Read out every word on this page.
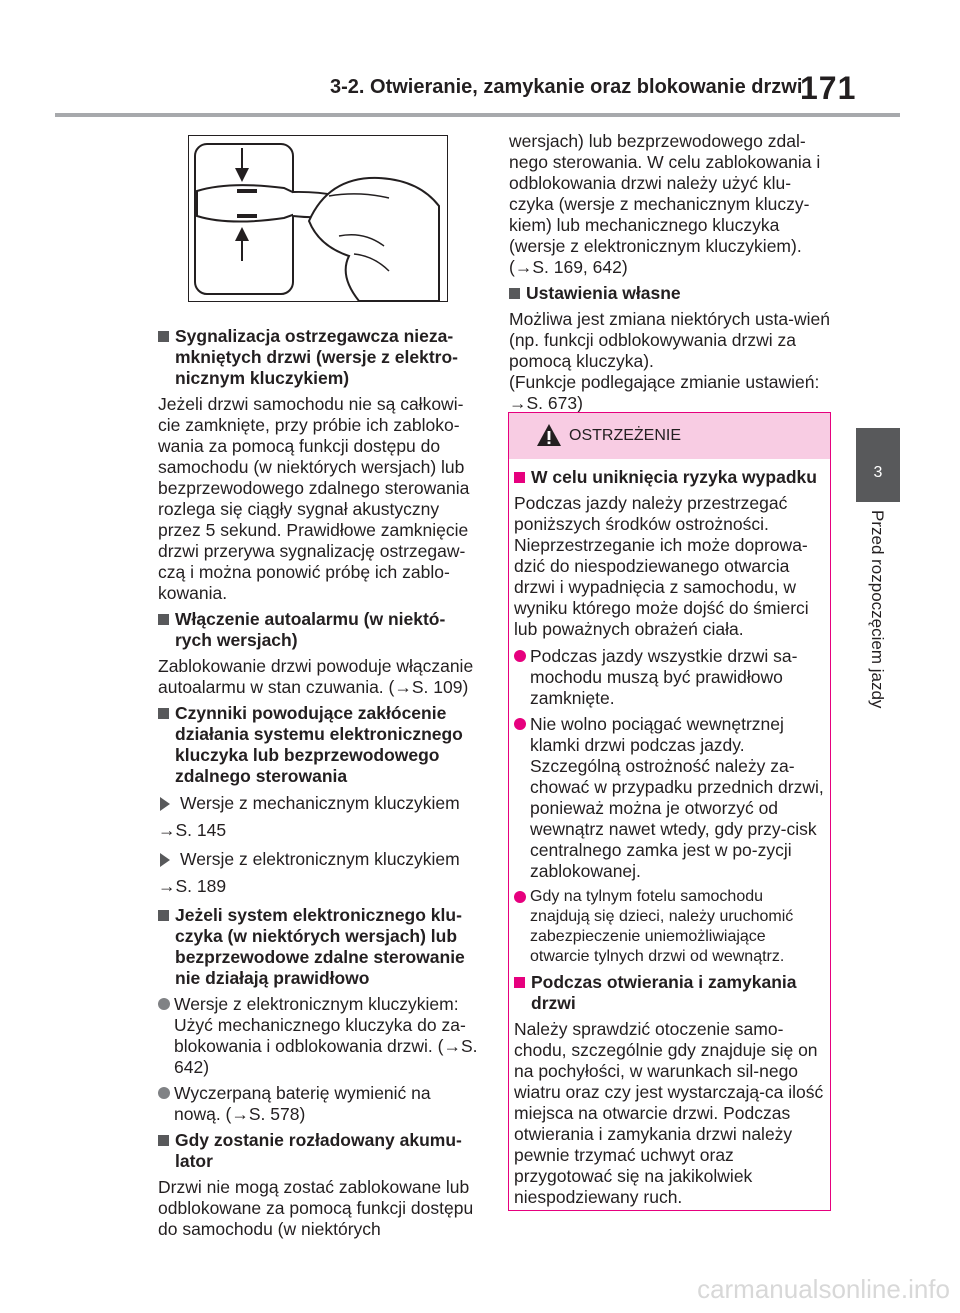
3-2. Otwieranie, zamykanie oraz blokowanie drzwi
171
3
Przed rozpoczęciem jazdy
Sygnalizacja ostrzegawcza nieza-mkniętych drzwi (wersje z elektro-nicznym kluczykiem)

Jeżeli drzwi samochodu nie są całkowi-cie zamknięte, przy próbie ich zabloko-wania za pomocą funkcji dostępu do samochodu (w niektórych wersjach) lub bezprzewodowego zdalnego sterowania rozlega się ciągły sygnał akustyczny przez 5 sekund. Prawidłowe zamknięcie drzwi przerywa sygnalizację ostrzegaw-czą i można ponowić próbę ich zablo-kowania.

Włączenie autoalarmu (w niektó-rych wersjach)

Zablokowanie drzwi powoduje włączanie autoalarmu w stan czuwania. (→S. 109)

Czynniki powodujące zakłócenie działania systemu elektronicznego kluczyka lub bezprzewodowego zdalnego sterowania
Wersje z mechanicznym kluczykiem
→S. 145
Wersje z elektronicznym kluczykiem
→S. 189
Jeżeli system elektronicznego klu-czyka (w niektórych wersjach) lub bezprzewodowe zdalne sterowanie nie działają prawidłowo
Wersje z elektronicznym kluczykiem: Użyć mechanicznego kluczyka do za-blokowania i odblokowania drzwi. (→S. 642)
Wyczerpaną baterię wymienić na nową. (→S. 578)
Gdy zostanie rozładowany akumu-lator

Drzwi nie mogą zostać zablokowane lub odblokowane za pomocą funkcji dostępu do samochodu (w niektórych

wersjach) lub bezprzewodowego zdal-nego sterowania. W celu zablokowania i odblokowania drzwi należy użyć klu-czyka (wersje z mechanicznym kluczy-kiem) lub mechanicznego kluczyka (wersje z elektronicznym kluczykiem). (→S. 169, 642)

Ustawienia własne

Możliwa jest zmiana niektórych usta-wień (np. funkcji odblokowywania drzwi za pomocą kluczyka).

(Funkcje podlegające zmianie ustawień: →S. 673)

OSTRZEŻENIE
W celu uniknięcia ryzyka wypadku

Podczas jazdy należy przestrzegać poniższych środków ostrożności. Nieprzestrzeganie ich może doprowa-dzić do niespodziewanego otwarcia drzwi i wypadnięcia z samochodu, w wyniku którego może dojść do śmierci lub poważnych obrażeń ciała.

Podczas jazdy wszystkie drzwi sa-mochodu muszą być prawidłowo zamknięte.
Nie wolno pociągać wewnętrznej klamki drzwi podczas jazdy. Szczególną ostrożność należy za-chować w przypadku przednich drzwi, ponieważ można je otworzyć od wewnątrz nawet wtedy, gdy przy-cisk centralnego zamka jest w po-zycji zablokowanej.
Gdy na tylnym fotelu samochodu znajdują się dzieci, należy uruchomić zabezpieczenie uniemożliwiające otwarcie tylnych drzwi od wewnątrz.
Podczas otwierania i zamykania drzwi

Należy sprawdzić otoczenie samo-chodu, szczególnie gdy znajduje się on na pochyłości, w warunkach sil-nego wiatru oraz czy jest wystarczają-ca ilość miejsca na otwarcie drzwi. Podczas otwierania i zamykania drzwi należy pewnie trzymać uchwyt oraz przygotować się na jakikolwiek niespodziewany ruch.

carmanualsonline.info
